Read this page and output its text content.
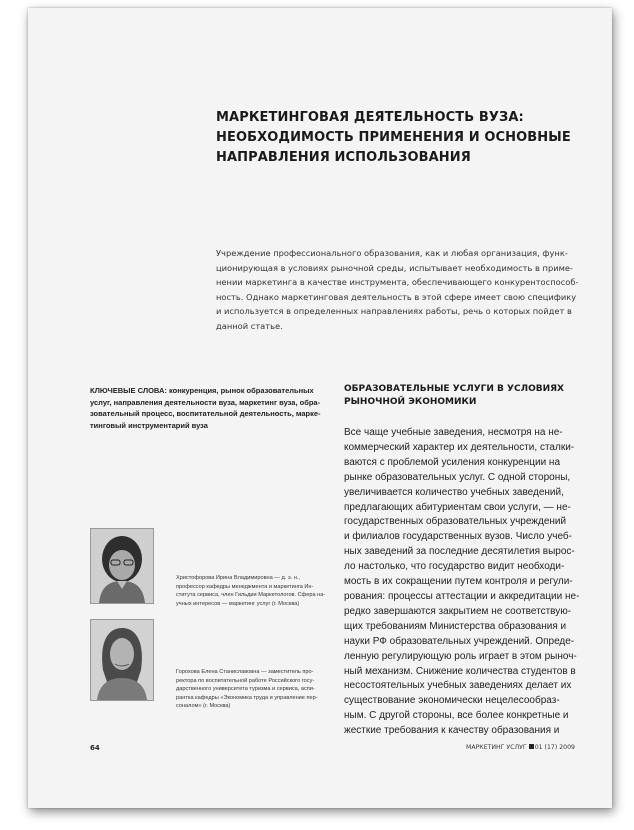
МАРКЕТИНГОВАЯ ДЕЯТЕЛЬНОСТЬ ВУЗА:
НЕОБХОДИМОСТЬ ПРИМЕНЕНИЯ И ОСНОВНЫЕ
НАПРАВЛЕНИЯ ИСПОЛЬЗОВАНИЯ
Учреждение профессионального образования, как и любая организация, функ-
ционирующая в условиях рыночной среды, испытывает необходимость в приме-
нении маркетинга в качестве инструмента, обеспечивающего конкурентоспособ-
ность. Однако маркетинговая деятельность в этой сфере имеет свою специфику
и используется в определенных направлениях работы, речь о которых пойдет в
данной статье.
КЛЮЧЕВЫЕ СЛОВА: конкуренция, рынок образовательных
услуг, направления деятельности вуза, маркетинг вуза, обра-
зовательный процесс, воспитательной деятельность, марке-
тинговый инструментарий вуза
ОБРАЗОВАТЕЛЬНЫЕ УСЛУГИ В УСЛОВИЯХ
РЫНОЧНОЙ ЭКОНОМИКИ
Все чаще учебные заведения, несмотря на не-
коммерческий характер их деятельности, сталки-
ваются с проблемой усиления конкуренции на
рынке образовательных услуг. С одной стороны,
увеличивается количество учебных заведений,
предлагающих абитуриентам свои услуги, — не-
государственных образовательных учреждений
и филиалов государственных вузов. Число учеб-
ных заведений за последние десятилетия вырос-
ло настолько, что государство видит необходи-
мость в их сокращении путем контроля и регули-
рования: процессы аттестации и аккредитации не-
редко завершаются закрытием не соответствую-
щих требованиям Министерства образования и
науки РФ образовательных учреждений. Опреде-
ленную регулирующую роль играет в этом рыноч-
ный механизм. Снижение количества студентов в
несостоятельных учебных заведениях делает их
существование экономически нецелесообраз-
ным. С другой стороны, все более конкретные и
жесткие требования к качеству образования и
Христофорова Ирина Владимировна — д. э. н.,
профессор кафедры менеджмента и маркетинга Ин-
ститута сервиса, член Гильдии Маркетологов. Сфера на-
учных интересов — маркетинг услуг (г. Москва)
Горохова Елена Станиславовна — заместитель про-
ректора по воспитательной работе Российского госу-
дарственного университета туризма и сервиса, аспи-
рантка кафедры «Экономика труда и управление пер-
соналом» (г. Москва)
64	МАРКЕТИНГ УСЛУГ 01 (17) 2009
